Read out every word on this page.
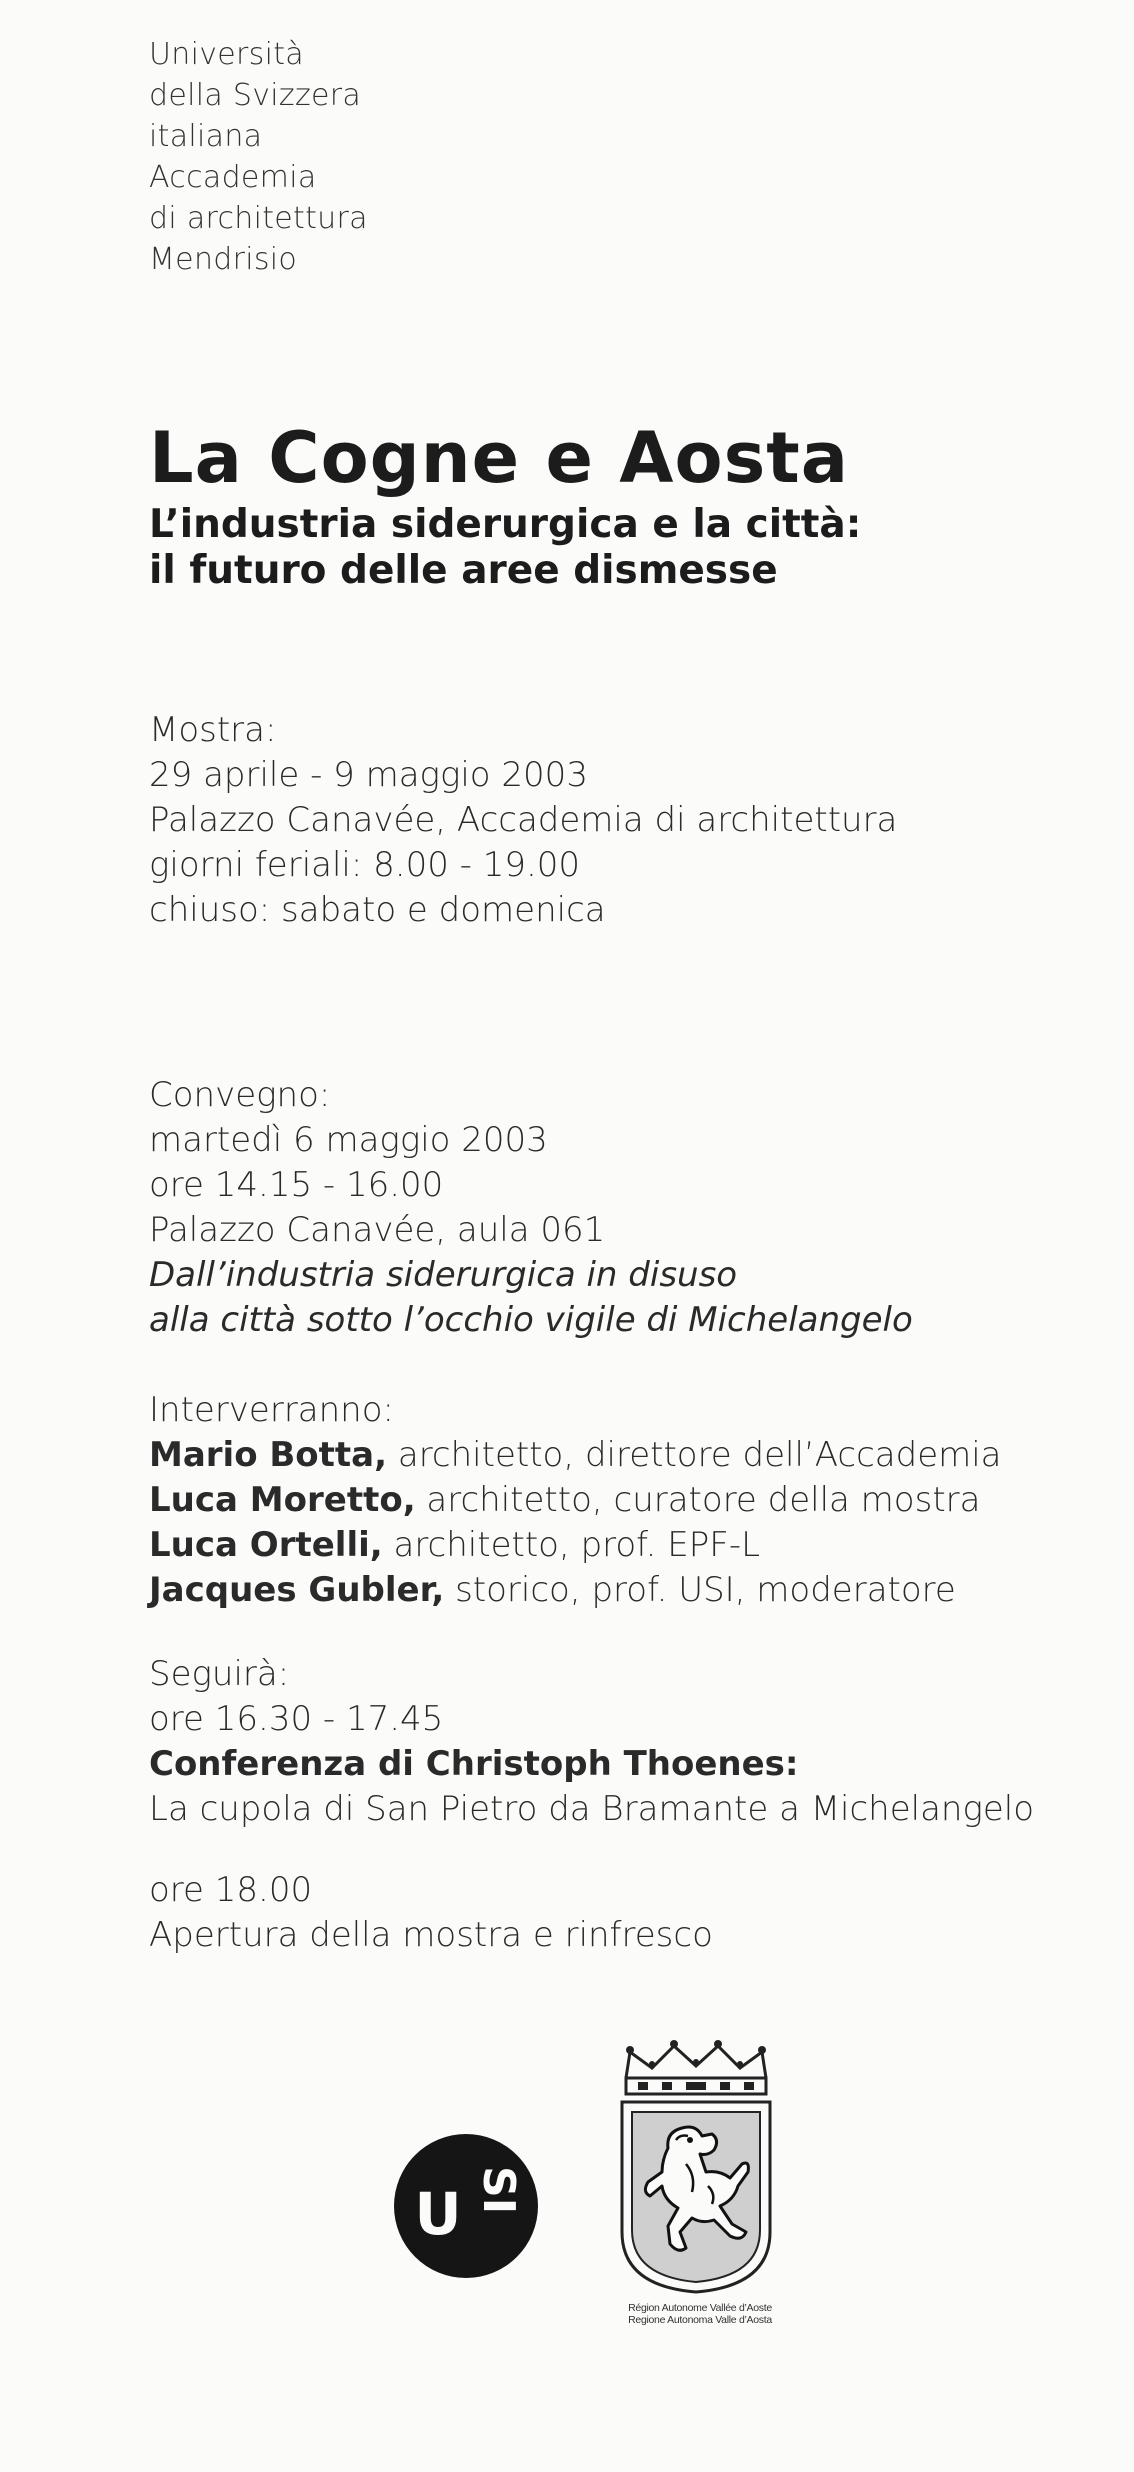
Università
della Svizzera
italiana
Accademia
di architettura
Mendrisio
La Cogne e Aosta
L’industria siderurgica e la città:
il futuro delle aree dismesse
Mostra:
29 aprile - 9 maggio 2003
Palazzo Canavée, Accademia di architettura
giorni feriali: 8.00 - 19.00
chiuso: sabato e domenica
Convegno:
martedì 6 maggio 2003
ore 14.15 - 16.00
Palazzo Canavée, aula 061
Dall’industria siderurgica in disuso
alla città sotto l’occhio vigile di Michelangelo
Interverranno:
Mario Botta, architetto, direttore dell’Accademia
Luca Moretto, architetto, curatore della mostra
Luca Ortelli, architetto, prof. EPF-L
Jacques Gubler, storico, prof. USI, moderatore
Seguirà:
ore 16.30 - 17.45
Conferenza di Christoph Thoenes:
La cupola di San Pietro da Bramante a Michelangelo
ore 18.00
Apertura della mostra e rinfresco
U SI
Région Autonome Vallée d’Aoste
Regione Autonoma Valle d’Aosta
